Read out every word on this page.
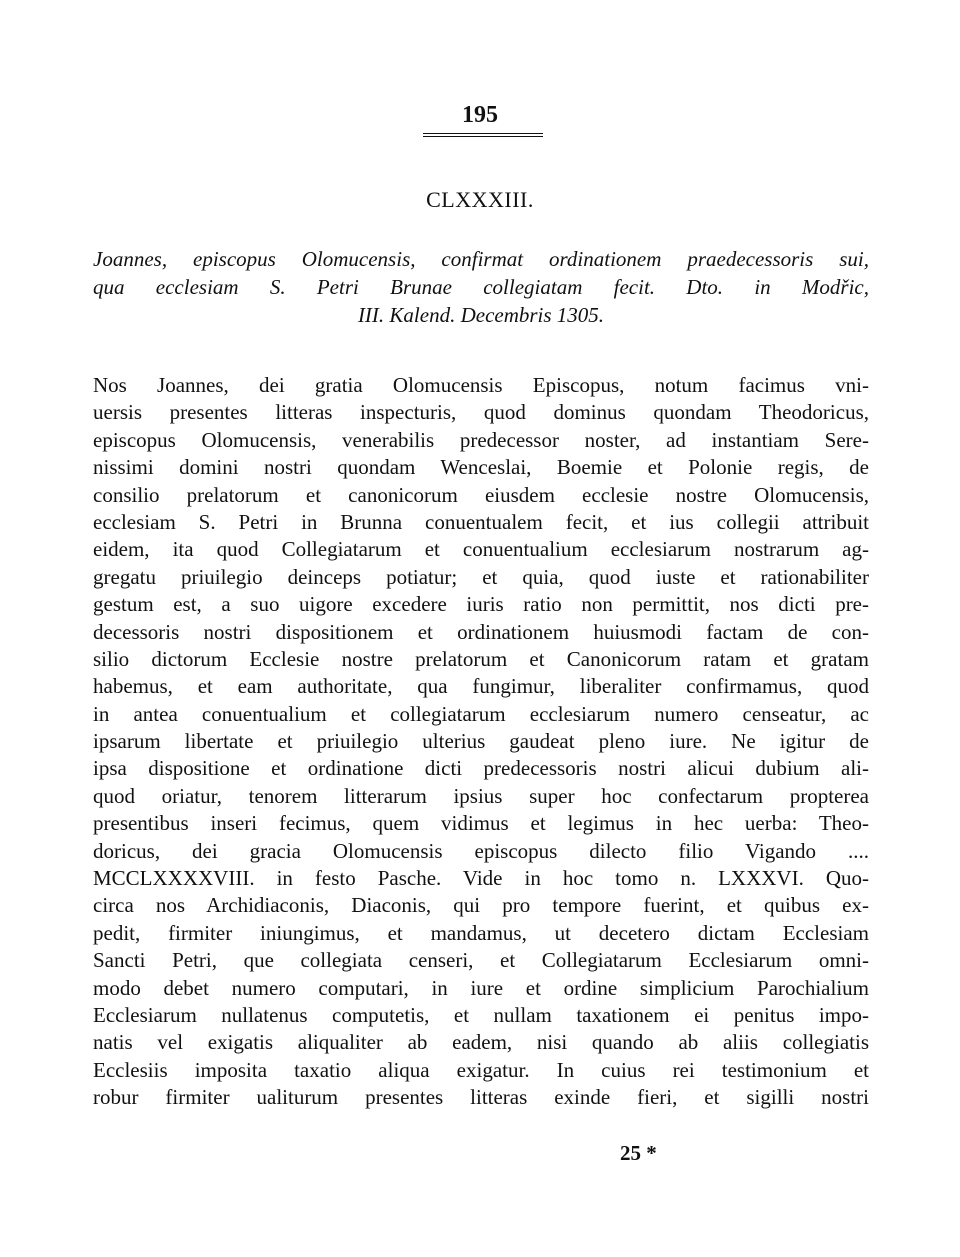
195
CLXXXIII.
Joannes, episcopus Olomucensis, confirmat ordinationem praedecessoris sui,
qua ecclesiam S. Petri Brunae collegiatam fecit. Dto. in Modřic,
III. Kalend. Decembris 1305.
Nos Joannes, dei gratia Olomucensis Episcopus, notum facimus vni-
uersis presentes litteras inspecturis, quod dominus quondam Theodoricus,
episcopus Olomucensis, venerabilis predecessor noster, ad instantiam Sere-
nissimi domini nostri quondam Wenceslai, Boemie et Polonie regis, de
consilio prelatorum et canonicorum eiusdem ecclesie nostre Olomucensis,
ecclesiam S. Petri in Brunna conuentualem fecit, et ius collegii attribuit
eidem, ita quod Collegiatarum et conuentualium ecclesiarum nostrarum ag-
gregatu priuilegio deinceps potiatur; et quia, quod iuste et rationabiliter
gestum est, a suo uigore excedere iuris ratio non permittit, nos dicti pre-
decessoris nostri dispositionem et ordinationem huiusmodi factam de con-
silio dictorum Ecclesie nostre prelatorum et Canonicorum ratam et gratam
habemus, et eam authoritate, qua fungimur, liberaliter confirmamus, quod
in antea conuentualium et collegiatarum ecclesiarum numero censeatur, ac
ipsarum libertate et priuilegio ulterius gaudeat pleno iure. Ne igitur de
ipsa dispositione et ordinatione dicti predecessoris nostri alicui dubium ali-
quod oriatur, tenorem litterarum ipsius super hoc confectarum propterea
presentibus inseri fecimus, quem vidimus et legimus in hec uerba: Theo-
doricus, dei gracia Olomucensis episcopus dilecto filio Vigando ....
MCCLXXXXVIII. in festo Pasche. Vide in hoc tomo n. LXXXVI. Quo-
circa nos Archidiaconis, Diaconis, qui pro tempore fuerint, et quibus ex-
pedit, firmiter iniungimus, et mandamus, ut decetero dictam Ecclesiam
Sancti Petri, que collegiata censeri, et Collegiatarum Ecclesiarum omni-
modo debet numero computari, in iure et ordine simplicium Parochialium
Ecclesiarum nullatenus computetis, et nullam taxationem ei penitus impo-
natis vel exigatis aliqualiter ab eadem, nisi quando ab aliis collegiatis
Ecclesiis imposita taxatio aliqua exigatur. In cuius rei testimonium et
robur firmiter ualiturum presentes litteras exinde fieri, et sigilli nostri
25 *
